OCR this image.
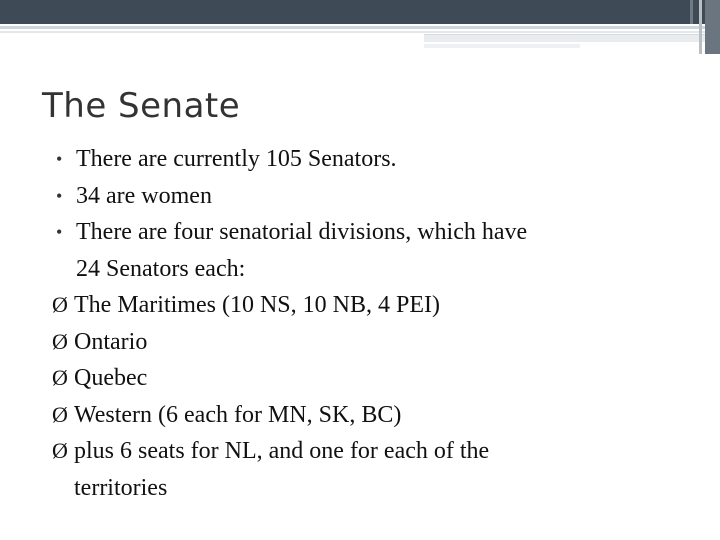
The Senate
• There are currently 105 Senators.
• 34 are women
• There are four senatorial divisions, which have
24 Senators each:
Ø The Maritimes (10 NS, 10 NB, 4 PEI)
Ø Ontario
Ø Quebec
Ø Western (6 each for MN, SK, BC)
Ø plus 6 seats for NL, and one for each of the
territories
